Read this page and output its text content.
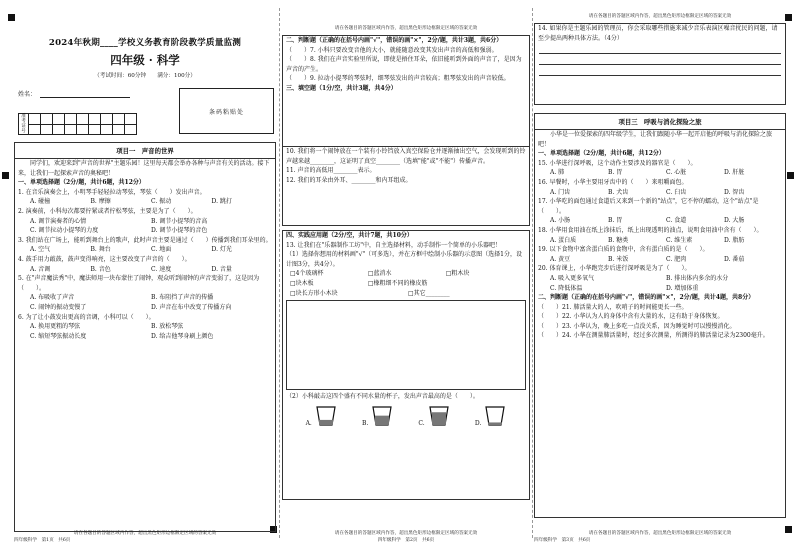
2024年秋期____学校义务教育阶段教学质量监测
四年级 · 科学
（考试时间：60分钟　　满分：100分）
姓名：
准考证号									

条码粘贴处
项目一　声音的世界

同学们，欢迎来到"声音的世界"主题乐园！这里每天都会举办各种与声音有关的活动。接下来，让我们一起探索声音的奥秘吧！

一、单项选择题（2分/题，共计6题，共12分）

1. 在音乐演奏会上，小明琴手轻轻拉动琴弦，琴弦（　　）发出声音。

A. 碰撞	B. 摩擦	C. 振动	D. 跳打

2. 演奏前，小科每次都要拧紧或者拧松琴弦，主要是为了（　　）。

A. 调节演奏者的心情	B. 调节小提琴的音高
C. 调节拉动小提琴的力度	D. 调节小提琴的音色

3. 我们站在广场上，能听到舞台上的歌声，此时声音主要是通过（　　）传播到我们耳朵里的。

A. 空气	B. 舞台	C. 地面	D. 灯光

4. 鼓手用力敲鼓，鼓声变得响亮，这主要改变了声音的（　　）。

A. 音调	B. 音色	C. 速度	D. 音量

5. 在"声音魔法秀"中，魔法师用一块布蒙住了闹钟，观众听到闹钟的声音变弱了，这是因为（　　）。

A. 布吸收了声音	B. 布阻挡了声音的传播
C. 闹钟的振动变慢了	D. 声音在布中改变了传播方向

6. 为了让小鼓发出更高的音调，小科可以（　　）。

A. 换用更粗的琴弦	B. 放松琴弦
C. 缩短琴弦振动长度	D. 给吉他琴身刷上颜色
请在各题目的答题区域内作答，超出黑色矩形边框限定区域的答案无效
四年级科学　第1页　共6页
请在各题目的答题区域内作答，超出黑色矩形边框限定区域的答案无效

二、判断题（正确的在括号内画"√"，错误的画"×"，2分/题，共计3题，共6分）

（　　）7. 小科只要改变音他的大小，就能随意改变其发出声音的高低和强弱。

（　　）8. 我们在声音实验里所说，即使是捂住耳朵，依旧能听到外面的声音了，是因为声音的产生。

（　　）9. 拉动小提琴的琴弦时，细琴弦发出的声音较高；粗琴弦发出的声音较低。

三、填空题（1分/空，共计3题，共4分）

10. 我们将一个闹钟放在一个装有小铃铛放入真空保险仓并逐渐抽出空气，会发现听到的铃声越来越________，这证明了真空________（选填"能"或"不能"）传播声音。

11. 声音的高低用________表示。

12. 我们的耳朵由外耳、________和内耳组成。

四、实践应用题（2分/空，共计7题，共10分）

13. 让我们在"乐器制作工坊"中，自主选择材料，动手制作一个简单的小乐器吧！

（1）选择你想用的材料画"√"（可多选），并在方框中绘制小乐器的示意图（选择1分，设计图3分，共4分）。

□4个玻璃杯	□蓝消水	□粗木块
□块木板	□橡粗细不同的橡皮筋
□块长方形小木块	□其它________

（2）小科敲击这四个盛有不同水量的杯子，发出声音最高的是（　　）。

A.	B.	C.	D.
请在各题目的答题区域内作答，超出黑色矩形边框限定区域的答案无效
四年级科学　第2页　共6页
请在各题目的答题区域内作答，超出黑色矩形边框限定区域的答案无效

14. 如果你是主题乐园的管理员，你会采取哪些措施来减少音乐表演区噪音扰民的问题，请至少提出两种具体方法。（4分）

项目三　呼吸与消化探险之旅

小华是一位爱探索的四年级学生，让我们跟随小华一起开启他的呼吸与消化探险之旅吧！

一、单项选择题（2分/题，共计6题，共12分）

15. 小华进行深呼吸，这个动作主要涉及的器官是（　　）。

A. 肺	B. 胃	C. 心脏	D. 肝脏

16. 早餐时，小华主要用牙齿中的（　　）来咀嚼面包。

A. 门齿	B. 犬齿	C. 臼齿	D. 智齿

17. 小华吃的面包通过食道后又来到一个新的"站点"，它不停的蠕动，这个"站点"是（　　）。

A. 小肠	B. 胃	C. 食道	D. 大肠

18. 小华用食用油在纸上涂抹后，纸上出现透明的油点，说明食用油中含有（　　）。

A. 蛋白质	B. 糖类	C. 维生素	D. 脂肪

19. 以下食物中富含蛋白质的食物中，含有蛋白质的是（　　）。

A. 黄豆	B. 米饭	C. 肥肉	D. 番茄

20. 体育课上，小华跑完步后进行深呼吸是为了（　　）。

A. 吸入更多氧气	B. 排出体内多余的水分
C. 降低体温	D. 增加体重

二、判断题（正确的在括号内画"√"，错误的画"×"，2分/题，共计4题，共8分）

（　　）21. 肺活量大的人，吹哨子的时间能更长一些。

（　　）22. 小华认为人的身体中含有大量的水，这有助于身体恢复。

（　　）23. 小华认为，晚上多吃一点没关系，因为睡觉时可以慢慢消化。

（　　）24. 小华在测量肺活量时，经过多次测量，所测得的肺活量记录为2300毫升。

请在各题目的答题区域内作答，超出黑色矩形边框限定区域的答案无效
四年级科学　第3页　共6页
